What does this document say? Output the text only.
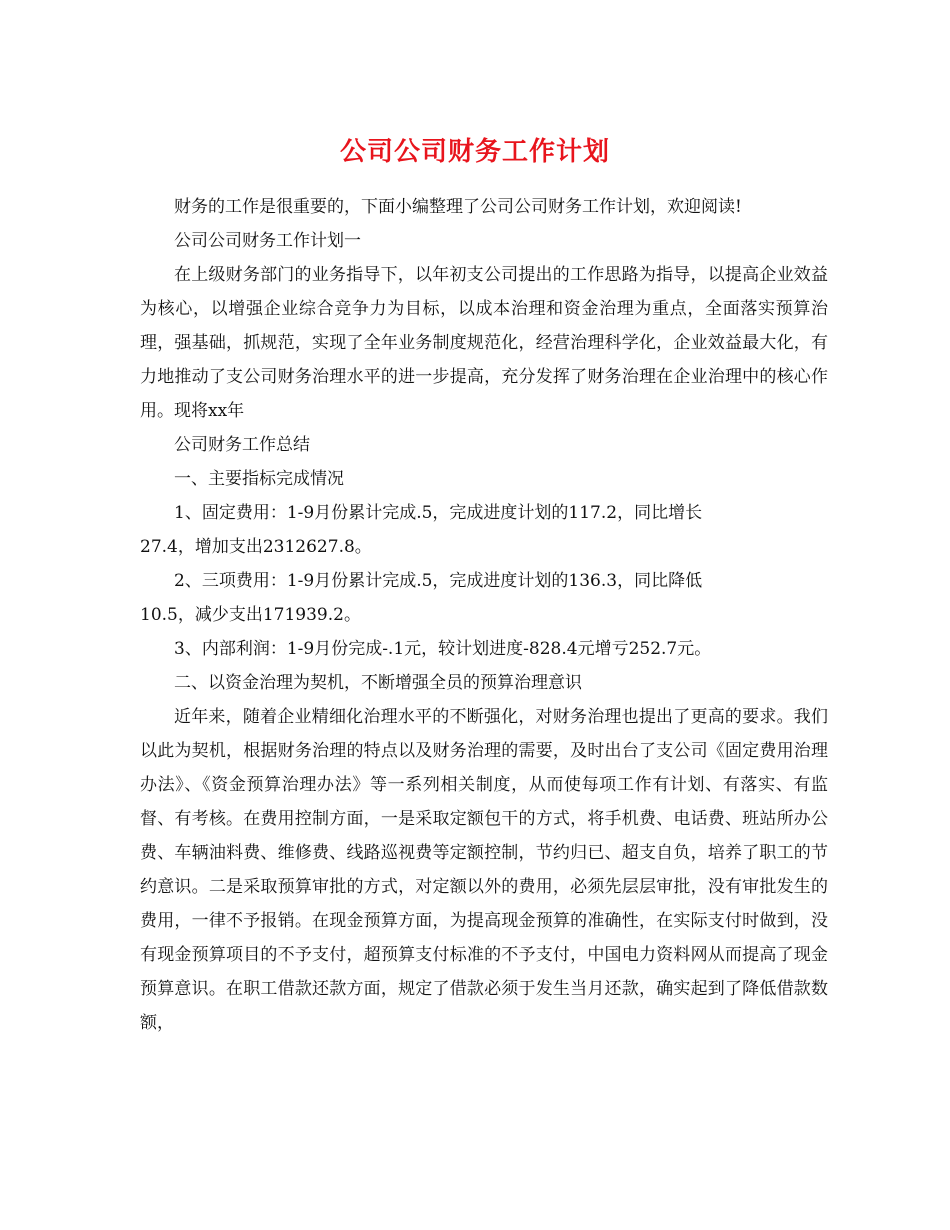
公司公司财务工作计划

财务的工作是很重要的，下面小编整理了公司公司财务工作计划，欢迎阅读!

公司公司财务工作计划一

在上级财务部门的业务指导下，以年初支公司提出的工作思路为指导，以提高企业效益为核心，以增强企业综合竞争力为目标，以成本治理和资金治理为重点，全面落实预算治理，强基础，抓规范，实现了全年业务制度规范化，经营治理科学化，企业效益最大化，有力地推动了支公司财务治理水平的进一步提高，充分发挥了财务治理在企业治理中的核心作用。现将xx年

公司财务工作总结

一、主要指标完成情况

1、固定费用：1-9月份累计完成.5，完成进度计划的117.2，同比增长

27.4，增加支出2312627.8。

2、三项费用：1-9月份累计完成.5，完成进度计划的136.3，同比降低

10.5，减少支出171939.2。

3、内部利润：1-9月份完成-.1元，较计划进度-828.4元增亏252.7元。

二、以资金治理为契机，不断增强全员的预算治理意识

近年来，随着企业精细化治理水平的不断强化，对财务治理也提出了更高的要求。我们以此为契机，根据财务治理的特点以及财务治理的需要，及时出台了支公司《固定费用治理办法》、《资金预算治理办法》等一系列相关制度，从而使每项工作有计划、有落实、有监督、有考核。在费用控制方面，一是采取定额包干的方式，将手机费、电话费、班站所办公费、车辆油料费、维修费、线路巡视费等定额控制，节约归已、超支自负，培养了职工的节约意识。二是采取预算审批的方式，对定额以外的费用，必须先层层审批，没有审批发生的费用，一律不予报销。在现金预算方面，为提高现金预算的准确性，在实际支付时做到，没有现金预算项目的不予支付，超预算支付标准的不予支付，中国电力资料网从而提高了现金预算意识。在职工借款还款方面，规定了借款必须于发生当月还款，确实起到了降低借款数额，
